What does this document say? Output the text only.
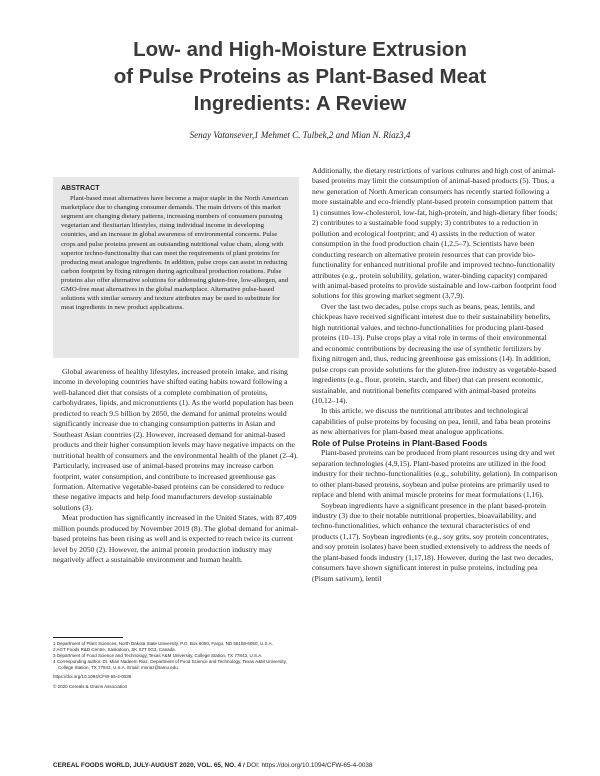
Low- and High-Moisture Extrusion
of Pulse Proteins as Plant-Based Meat
Ingredients: A Review
Senay Vatansever,1 Mehmet C. Tulbek,2 and Mian N. Riaz3,4
ABSTRACT

Plant-based meat alternatives have become a major staple in the North American marketplace due to changing consumer demands. The main drivers of this market segment are changing dietary patterns, increasing numbers of consumers pursuing vegetarian and flexitarian lifestyles, rising individual income in developing countries, and an increase in global awareness of environmental concerns. Pulse crops and pulse proteins present an outstanding nutritional value chain, along with superior techno-functionality that can meet the requirements of plant proteins for producing meat analogue ingredients. In addition, pulse crops can assist in reducing carbon footprint by fixing nitrogen during agricultural production rotations. Pulse proteins also offer alternative solutions for addressing gluten-free, low-allergen, and GMO-free meat alternatives in the global marketplace. Alternative pulse-based solutions with similar sensory and texture attributes may be used to substitute for meat ingredients in new product applications.

Global awareness of healthy lifestyles, increased protein intake, and rising income in developing countries have shifted eating habits toward following a well-balanced diet that consists of a complete combination of proteins, carbohydrates, lipids, and micronutrients (1). As the world population has been predicted to reach 9.5 billion by 2050, the demand for animal proteins would significantly increase due to changing consumption patterns in Asian and Southeast Asian countries (2). However, increased demand for animal-based products and their higher consumption levels may have negative impacts on the nutritional health of consumers and the environmental health of the planet (2–4). Particularly, increased use of animal-based proteins may increase carbon footprint, water consumption, and contribute to increased greenhouse gas formation. Alternative vegetable-based proteins can be considered to reduce these negative impacts and help food manufacturers develop sustainable solutions (3).

Meat production has significantly increased in the United States, with 87,409 million pounds produced by November 2019 (8). The global demand for animal-based proteins has been rising as well and is expected to reach twice its current level by 2050 (2). However, the animal protein production industry may negatively affect a sustainable environment and human health.

1 Department of Plant Sciences, North Dakota State University, P.O. Box 6050, Fargo, ND 58108-6050, U.S.A.

2 AGT Foods R&D Centre, Saskatoon, SK S7T 0G3, Canada.

3 Department of Food Science and Technology, Texas A&M University, College Station, TX 77843, U.S.A.

4 Corresponding author. Dr. Mian Nadeem Riaz, Department of Food Science and Technology, Texas A&M University, College Station, TX 77843, U.S.A. Email: mnriaz@tamu.edu

https://doi.org/10.1094/CFW-65-4-0038

© 2020 Cereals & Grains Association

Additionally, the dietary restrictions of various cultures and high cost of animal-based proteins may limit the consumption of animal-based products (5). Thus, a new generation of North American consumers has recently started following a more sustainable and eco-friendly plant-based protein consumption pattern that 1) consumes low-cholesterol, low-fat, high-protein, and high-dietary fiber foods; 2) contributes to a sustainable food supply; 3) contributes to a reduction in pollution and ecological footprint; and 4) assists in the reduction of water consumption in the food production chain (1,2,5–7). Scientists have been conducting research on alternative protein resources that can provide bio-functionality for enhanced nutritional profile and improved techno-functionality attributes (e.g., protein solubility, gelation, water-binding capacity) compared with animal-based proteins to provide sustainable and low-carbon footprint food solutions for this growing market segment (3,7,9).

Over the last two decades, pulse crops such as beans, peas, lentils, and chickpeas have received significant interest due to their sustainability benefits, high nutritional values, and techno-functionalities for producing plant-based proteins (10–13). Pulse crops play a vital role in terms of their environmental and economic contributions by decreasing the use of synthetic fertilizers by fixing nitrogen and, thus, reducing greenhouse gas emissions (14). In addition, pulse crops can provide solutions for the gluten-free industry as vegetable-based ingredients (e.g., flour, protein, starch, and fiber) that can present economic, sustainable, and nutritional benefits compared with animal-based proteins (10,12–14).

In this article, we discuss the nutritional attributes and technological capabilities of pulse proteins by focusing on pea, lentil, and faba bean proteins as new alternatives for plant-based meat analogue applications.

Role of Pulse Proteins in Plant-Based Foods

Plant-based proteins can be produced from plant resources using dry and wet separation technologies (4,9,15). Plant-based proteins are utilized in the food industry for their techno-functionalities (e.g., solubility, gelation). In comparison to other plant-based proteins, soybean and pulse proteins are primarily used to replace and blend with animal muscle proteins for meat formulations (1,16).

Soybean ingredients have a significant presence in the plant based-protein industry (3) due to their notable nutritional properties, bioavailability, and techno-functionalities, which enhance the textural characteristics of end products (1,17). Soybean ingredients (e.g., soy grits, soy protein concentrates, and soy protein isolates) have been studied extensively to address the needs of the plant-based foods industry (1,17,18). However, during the last two decades, consumers have shown significant interest in pulse proteins, including pea (Pisum sativum), lentil

CEREAL FOODS WORLD, JULY-AUGUST 2020, VOL. 65, NO. 4 / DOI: https://doi.org/10.1094/CFW-65-4-0038
